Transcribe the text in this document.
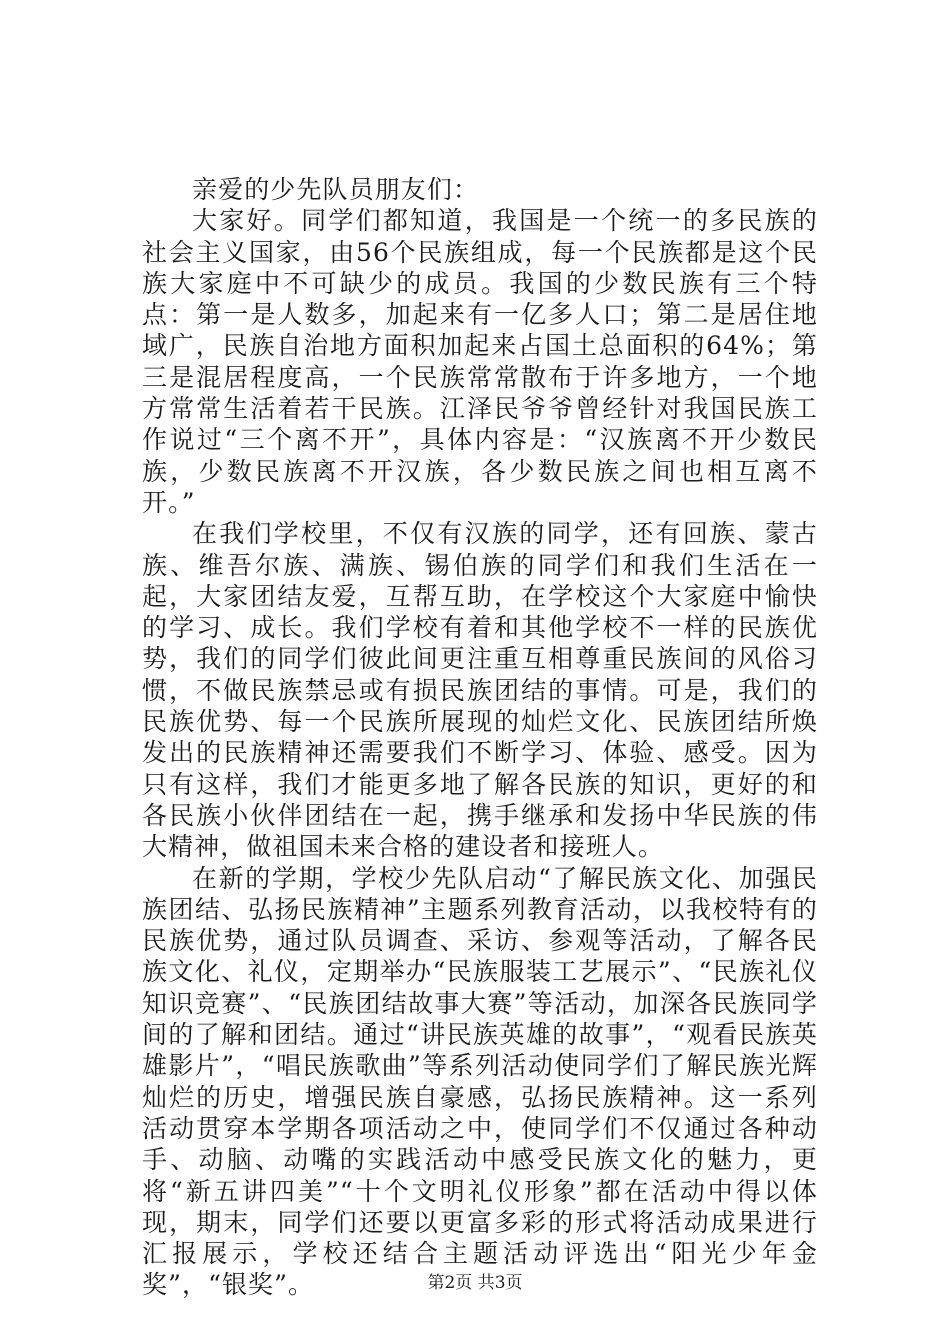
亲爱的少先队员朋友们：

大家好。同学们都知道，我国是一个统一的多民族的社会主义国家，由56个民族组成，每一个民族都是这个民族大家庭中不可缺少的成员。我国的少数民族有三个特点：第一是人数多，加起来有一亿多人口；第二是居住地域广，民族自治地方面积加起来占国土总面积的64%；第三是混居程度高，一个民族常常散布于许多地方，一个地方常常生活着若干民族。江泽民爷爷曾经针对我国民族工作说过“三个离不开”，具体内容是：“汉族离不开少数民族，少数民族离不开汉族，各少数民族之间也相互离不开。”

在我们学校里，不仅有汉族的同学，还有回族、蒙古族、维吾尔族、满族、锡伯族的同学们和我们生活在一起，大家团结友爱，互帮互助，在学校这个大家庭中愉快的学习、成长。我们学校有着和其他学校不一样的民族优势，我们的同学们彼此间更注重互相尊重民族间的风俗习惯，不做民族禁忌或有损民族团结的事情。可是，我们的民族优势、每一个民族所展现的灿烂文化、民族团结所焕发出的民族精神还需要我们不断学习、体验、感受。因为只有这样，我们才能更多地了解各民族的知识，更好的和各民族小伙伴团结在一起，携手继承和发扬中华民族的伟大精神，做祖国未来合格的建设者和接班人。

在新的学期，学校少先队启动“了解民族文化、加强民族团结、弘扬民族精神”主题系列教育活动，以我校特有的民族优势，通过队员调查、采访、参观等活动，了解各民族文化、礼仪，定期举办“民族服装工艺展示”、“民族礼仪知识竞赛”、“民族团结故事大赛”等活动，加深各民族同学间的了解和团结。通过“讲民族英雄的故事”，“观看民族英雄影片”，“唱民族歌曲”等系列活动使同学们了解民族光辉灿烂的历史，增强民族自豪感，弘扬民族精神。这一系列活动贯穿本学期各项活动之中，使同学们不仅通过各种动手、动脑、动嘴的实践活动中感受民族文化的魅力，更将“新五讲四美”“十个文明礼仪形象”都在活动中得以体现，期末，同学们还要以更富多彩的形式将活动成果进行汇报展示，学校还结合主题活动评选出“阳光少年金奖”，“银奖”。	第2页 共3页
